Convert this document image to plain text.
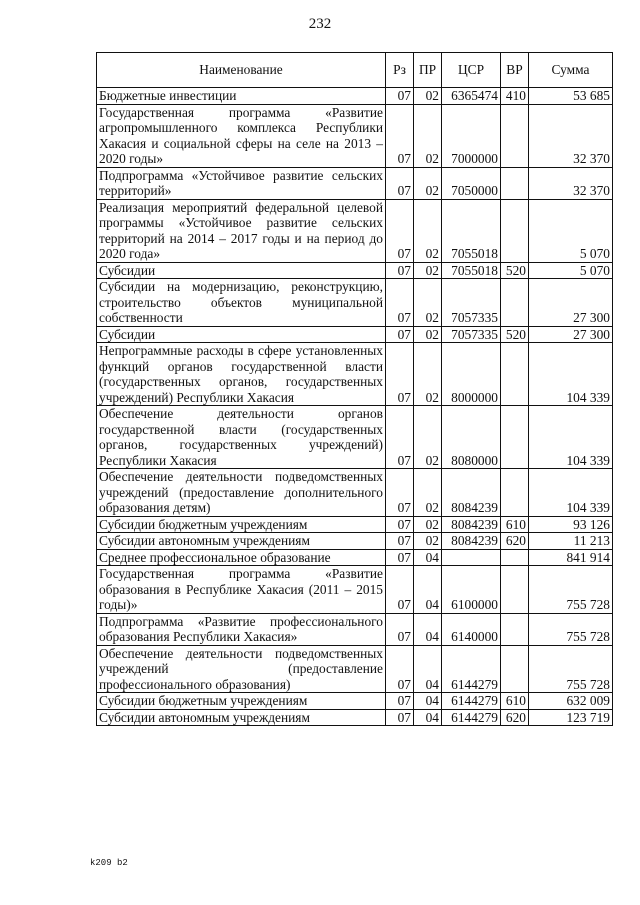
232
Наименование	Рз	ПР	ЦСР	ВР	Сумма
Бюджетные инвестиции	07	02	6365474	410	53 685
Государственная программа «Развитие агропромышленного комплекса Республики Хакасия и социальной сферы на селе на 2013 – 2020 годы»	07	02	7000000		32 370
Подпрограмма «Устойчивое развитие сельских территорий»	07	02	7050000		32 370
Реализация мероприятий федеральной целевой программы «Устойчивое развитие сельских территорий на 2014 – 2017 годы и на период до 2020 года»	07	02	7055018		5 070
Субсидии	07	02	7055018	520	5 070
Субсидии на модернизацию, реконструкцию, строительство объектов муниципальной собственности	07	02	7057335		27 300
Субсидии	07	02	7057335	520	27 300
Непрограммные расходы в сфере установленных функций органов государственной власти (государственных органов, государственных учреждений) Республики Хакасия	07	02	8000000		104 339
Обеспечение деятельности органов государственной власти (государственных органов, государственных учреждений) Республики Хакасия	07	02	8080000		104 339
Обеспечение деятельности подведомственных учреждений (предоставление дополнительного образования детям)	07	02	8084239		104 339
Субсидии бюджетным учреждениям	07	02	8084239	610	93 126
Субсидии автономным учреждениям	07	02	8084239	620	11 213
Среднее профессиональное образование	07	04			841 914
Государственная программа «Развитие образования в Республике Хакасия (2011 – 2015 годы)»	07	04	6100000		755 728
Подпрограмма «Развитие профессионального образования Республики Хакасия»	07	04	6140000		755 728
Обеспечение деятельности подведомственных учреждений (предоставление профессионального образования)	07	04	6144279		755 728
Субсидии бюджетным учреждениям	07	04	6144279	610	632 009
Субсидии автономным учреждениям	07	04	6144279	620	123 719
k209 b2
